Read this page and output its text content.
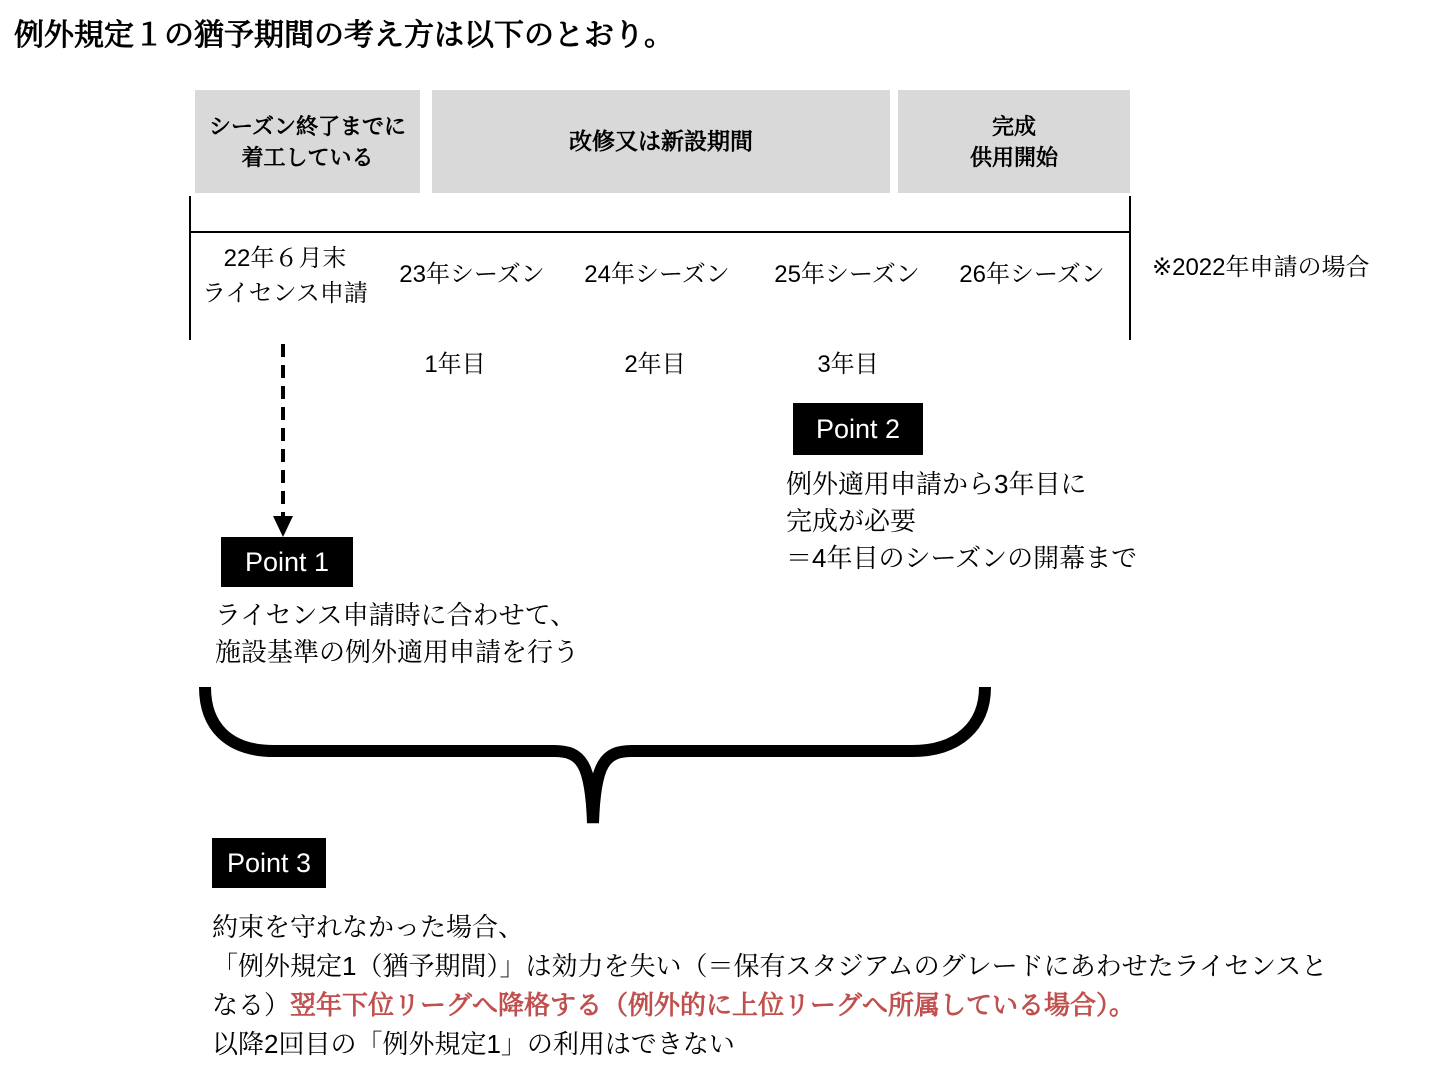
例外規定１の猶予期間の考え方は以下のとおり。
シーズン終了までに
着工している
改修又は新設期間
完成
供用開始
22年６月末
ライセンス申請
23年シーズン	24年シーズン	25年シーズン	26年シーズン	※2022年申請の場合
1年目	2年目	3年目
Point 1
ライセンス申請時に合わせて、
施設基準の例外適用申請を行う
Point 2
例外適用申請から3年目に
完成が必要
＝4年目のシーズンの開幕まで
Point 3
約束を守れなかった場合、
「例外規定1（猶予期間）」は効力を失い（＝保有スタジアムのグレードにあわせたライセンスと
なる）翌年下位リーグへ降格する（例外的に上位リーグへ所属している場合）。
以降2回目の「例外規定1」の利用はできない
